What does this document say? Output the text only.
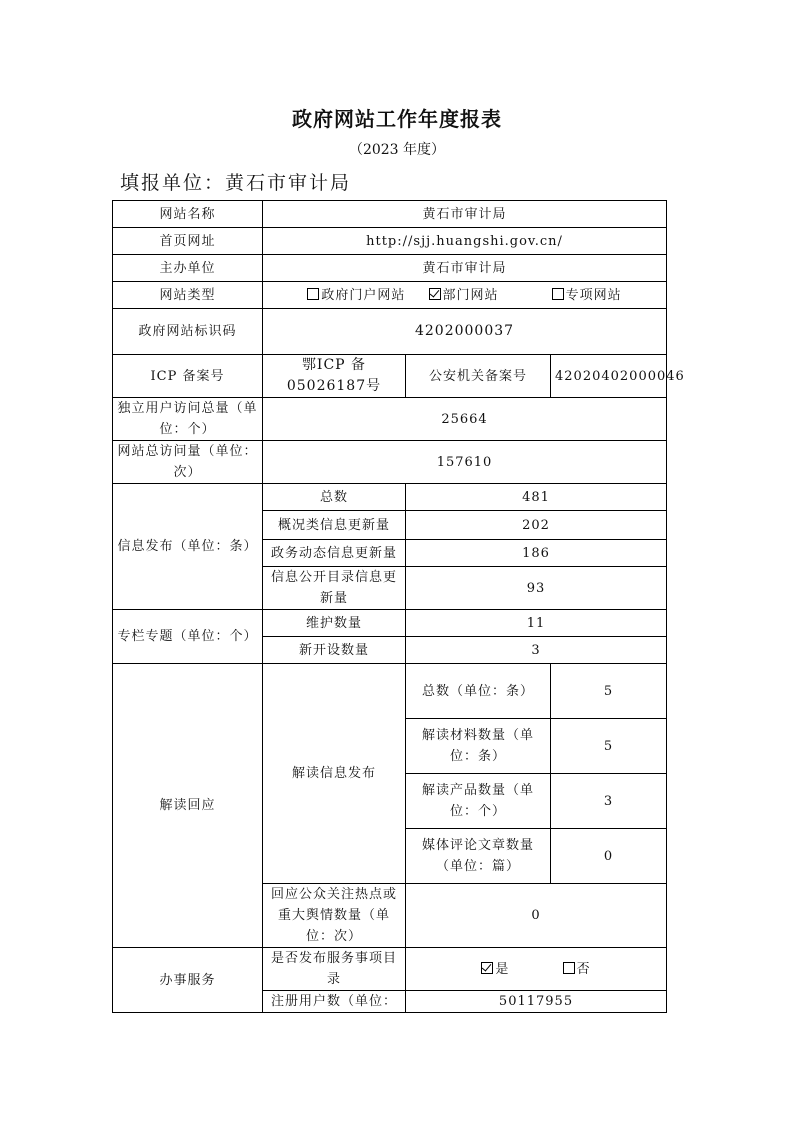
政府网站工作年度报表
（2023 年度）
填报单位：黄石市审计局
网站名称	黄石市审计局		
首页网址	http://sjj.huangshi.gov.cn/		
主办单位	黄石市审计局		
网站类型	政府门户网站 部门网站 专项网站		
政府网站标识码	4202000037		
ICP 备案号	鄂ICP 备05026187号	公安机关备案号	42020402000046
独立用户访问总量（单位：个）	25664		
网站总访问量（单位：次）	157610		
信息发布（单位：条）	总数	481	
	概况类信息更新量	202	
	政务动态信息更新量	186	
	信息公开目录信息更新量	93	
专栏专题（单位：个）	维护数量	11	
	新开设数量	3	
解读回应	解读信息发布	总数（单位：条）	5
		解读材料数量（单位：条）	5
		解读产品数量（单位：个）	3
		媒体评论文章数量（单位：篇）	0
	回应公众关注热点或重大舆情数量（单位：次）	0	
办事服务	是否发布服务事项目录	是 否	
	注册用户数（单位：	50117955	
